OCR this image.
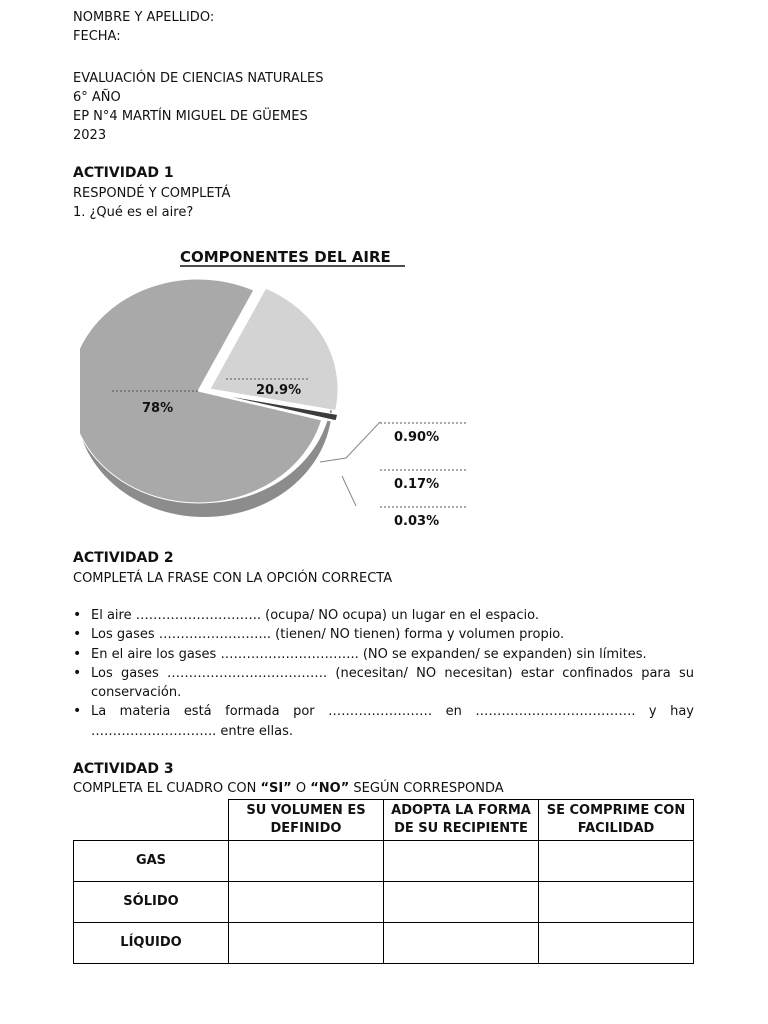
NOMBRE Y APELLIDO:
FECHA:
EVALUACIÓN DE CIENCIAS NATURALES
6° AÑO
EP N°4 MARTÍN MIGUEL DE GÜEMES
2023
ACTIVIDAD 1
RESPONDÉ Y COMPLETÁ
1. ¿Qué es el aire?
78%
20.9%
0.90%
0.17%
0.03%
COMPONENTES DEL AIRE
ACTIVIDAD 2
COMPLETÁ LA FRASE CON LA OPCIÓN CORRECTA
• El aire ……………………….. (ocupa/ NO ocupa) un lugar en el espacio.
• Los gases …………………….. (tienen/ NO tienen) forma y volumen propio.
• En el aire los gases ………………………….. (NO se expanden/ se expanden) sin límites.
• Los gases ………………………………. (necesitan/ NO necesitan) estar confinados para su conservación.
• La materia está formada por …………………… en ………………………………. y hay ……………………….. entre ellas.
ACTIVIDAD 3
COMPLETA EL CUADRO CON “SI” O “NO” SEGÚN CORRESPONDA
	SU VOLUMEN ES DEFINIDO	ADOPTA LA FORMA DE SU RECIPIENTE	SE COMPRIME CON FACILIDAD
GAS			
SÓLIDO			
LÍQUIDO			
